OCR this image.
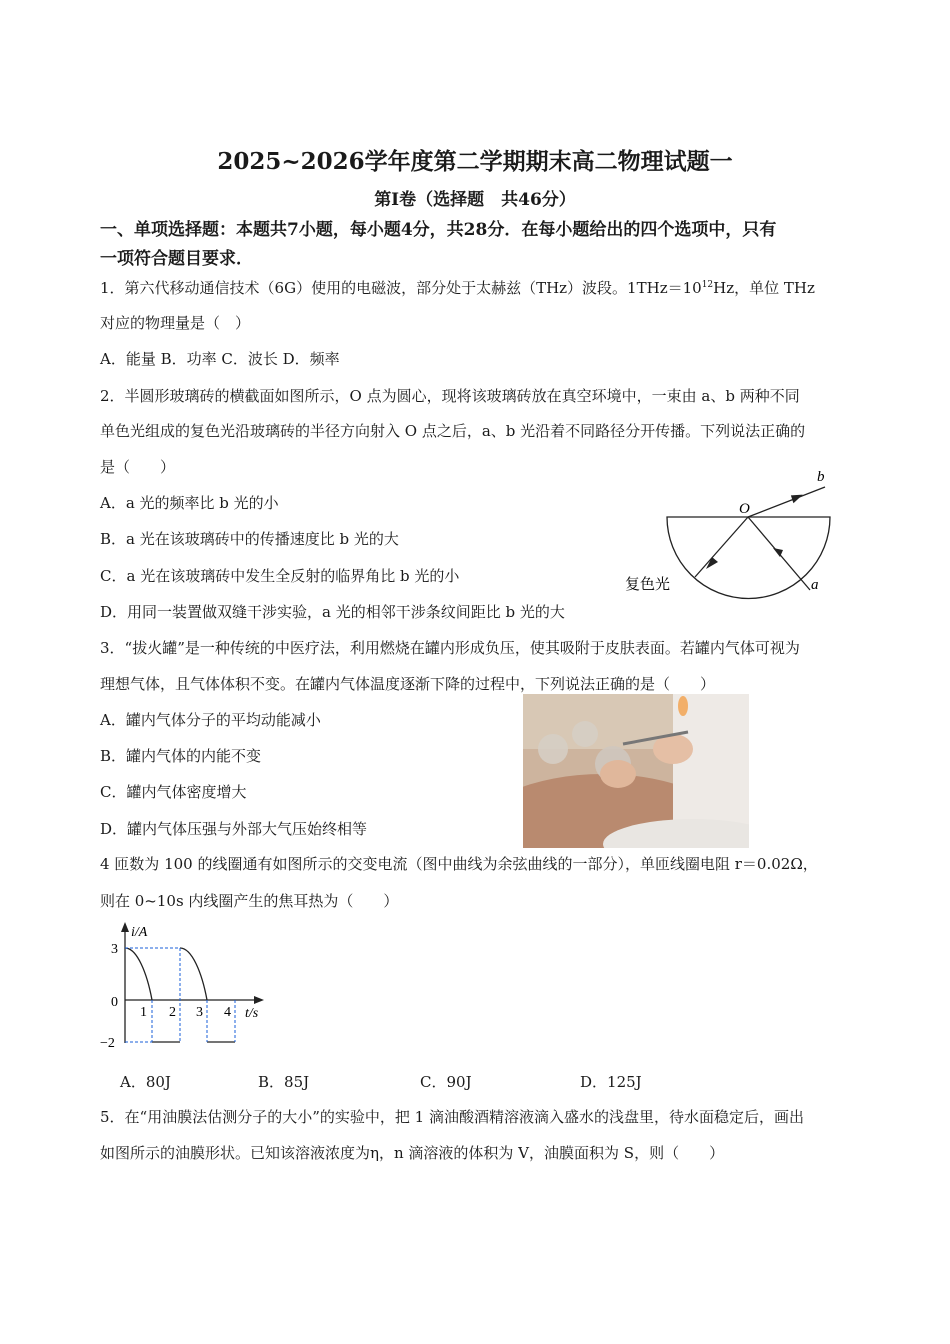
2025~2026学年度第二学期期末高二物理试题一
第Ⅰ卷（选择题　共46分）
一、单项选择题：本题共7小题，每小题4分，共28分．在每小题给出的四个选项中，只有
一项符合题目要求．
1．第六代移动通信技术（6G）使用的电磁波，部分处于太赫兹（THz）波段。$1THz=10^{12}Hz$，单位 THz
对应的物理量是（　）
A．能量 B．功率 C．波长 D．频率
2．半圆形玻璃砖的横截面如图所示，O 点为圆心，现将该玻璃砖放在真空环境中，一束由 a、b 两种不同
单色光组成的复色光沿玻璃砖的半径方向射入 O 点之后，a、b 光沿着不同路径分开传播。下列说法正确的
是（　　）
A．a 光的频率比 b 光的小
B．a 光在该玻璃砖中的传播速度比 b 光的大
C．a 光在该玻璃砖中发生全反射的临界角比 b 光的小
D．用同一装置做双缝干涉实验，a 光的相邻干涉条纹间距比 b 光的大
O
b
a
复色光
3．“拔火罐”是一种传统的中医疗法，利用燃烧在罐内形成负压，使其吸附于皮肤表面。若罐内气体可视为
理想气体，且气体体积不变。在罐内气体温度逐渐下降的过程中，下列说法正确的是（　　）
A．罐内气体分子的平均动能减小
B．罐内气体的内能不变
C．罐内气体密度增大
D．罐内气体压强与外部大气压始终相等
4 匝数为 100 的线圈通有如图所示的交变电流（图中曲线为余弦曲线的一部分），单匝线圈电阻 r＝0.02Ω，
则在 0~10s 内线圈产生的焦耳热为（　　）
i/A
t/s
0
3
−2
1 2 3 4
A．80J	B．85J	C．90J	D．125J
5．在“用油膜法估测分子的大小”的实验中，把 1 滴油酸酒精溶液滴入盛水的浅盘里，待水面稳定后，画出
如图所示的油膜形状。已知该溶液浓度为η，n 滴溶液的体积为 V，油膜面积为 S，则（　　）
